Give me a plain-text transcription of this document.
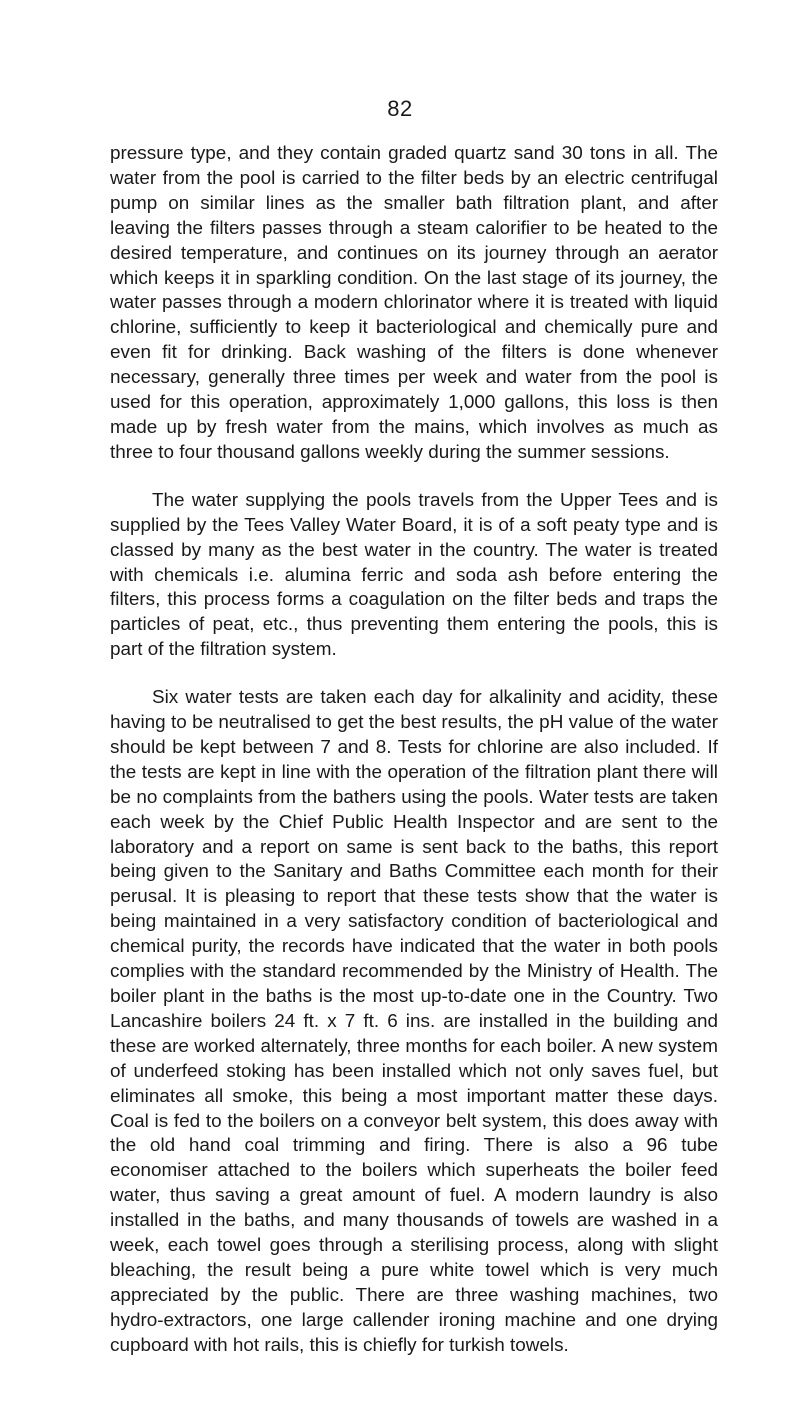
82

pressure type, and they contain graded quartz sand 30 tons in all. The water from the pool is carried to the filter beds by an electric centrifugal pump on similar lines as the smaller bath filtration plant, and after leaving the filters passes through a steam calorifier to be heated to the desired temperature, and continues on its journey through an aerator which keeps it in sparkling condition. On the last stage of its journey, the water passes through a modern chlorinator where it is treated with liquid chlorine, sufficiently to keep it bacteriological and chemically pure and even fit for drinking. Back washing of the filters is done whenever necessary, generally three times per week and water from the pool is used for this operation, approximately 1,000 gallons, this loss is then made up by fresh water from the mains, which involves as much as three to four thousand gallons weekly during the summer sessions.

The water supplying the pools travels from the Upper Tees and is supplied by the Tees Valley Water Board, it is of a soft peaty type and is classed by many as the best water in the country. The water is treated with chemicals i.e. alumina ferric and soda ash before entering the filters, this process forms a coagulation on the filter beds and traps the particles of peat, etc., thus preventing them entering the pools, this is part of the filtration system.

Six water tests are taken each day for alkalinity and acidity, these having to be neutralised to get the best results, the pH value of the water should be kept between 7 and 8. Tests for chlorine are also included. If the tests are kept in line with the operation of the filtration plant there will be no complaints from the bathers using the pools. Water tests are taken each week by the Chief Public Health Inspector and are sent to the laboratory and a report on same is sent back to the baths, this report being given to the Sanitary and Baths Committee each month for their perusal. It is pleasing to report that these tests show that the water is being maintained in a very satisfactory condition of bacteriological and chemical purity, the records have indicated that the water in both pools complies with the standard recommended by the Ministry of Health. The boiler plant in the baths is the most up-to-date one in the Country. Two Lancashire boilers 24 ft. x 7 ft. 6 ins. are installed in the building and these are worked alternately, three months for each boiler. A new system of underfeed stoking has been installed which not only saves fuel, but eliminates all smoke, this being a most important matter these days. Coal is fed to the boilers on a conveyor belt system, this does away with the old hand coal trimming and firing. There is also a 96 tube economiser attached to the boilers which superheats the boiler feed water, thus saving a great amount of fuel. A modern laundry is also installed in the baths, and many thousands of towels are washed in a week, each towel goes through a sterilising process, along with slight bleaching, the result being a pure white towel which is very much appreciated by the public. There are three washing machines, two hydro-extractors, one large callender ironing machine and one drying cupboard with hot rails, this is chiefly for turkish towels.
